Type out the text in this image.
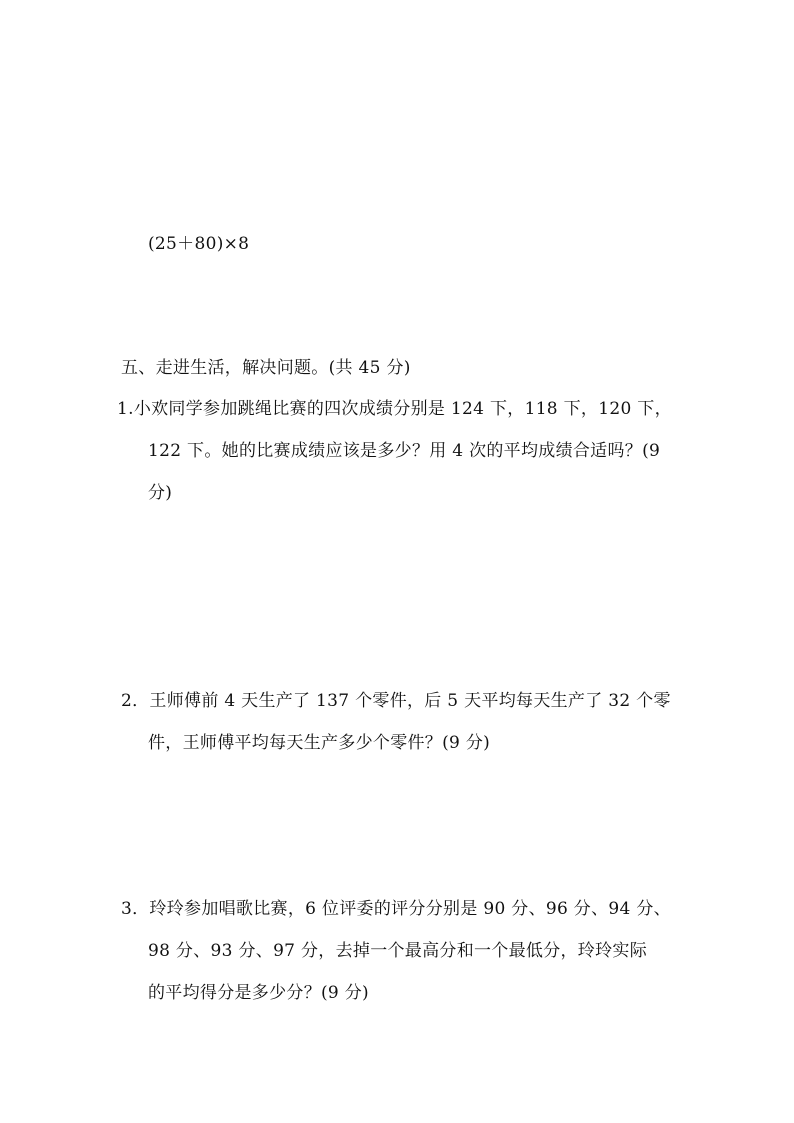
(25＋80)×8
五、走进生活，解决问题。(共 45 分)
1.小欢同学参加跳绳比赛的四次成绩分别是 124 下，118 下，120 下，
122 下。她的比赛成绩应该是多少？用 4 次的平均成绩合适吗？(9
分)
2．王师傅前 4 天生产了 137 个零件，后 5 天平均每天生产了 32 个零
件，王师傅平均每天生产多少个零件？(9 分)
3．玲玲参加唱歌比赛，6 位评委的评分分别是 90 分、96 分、94 分、
98 分、93 分、97 分，去掉一个最高分和一个最低分，玲玲实际
的平均得分是多少分？(9 分)
